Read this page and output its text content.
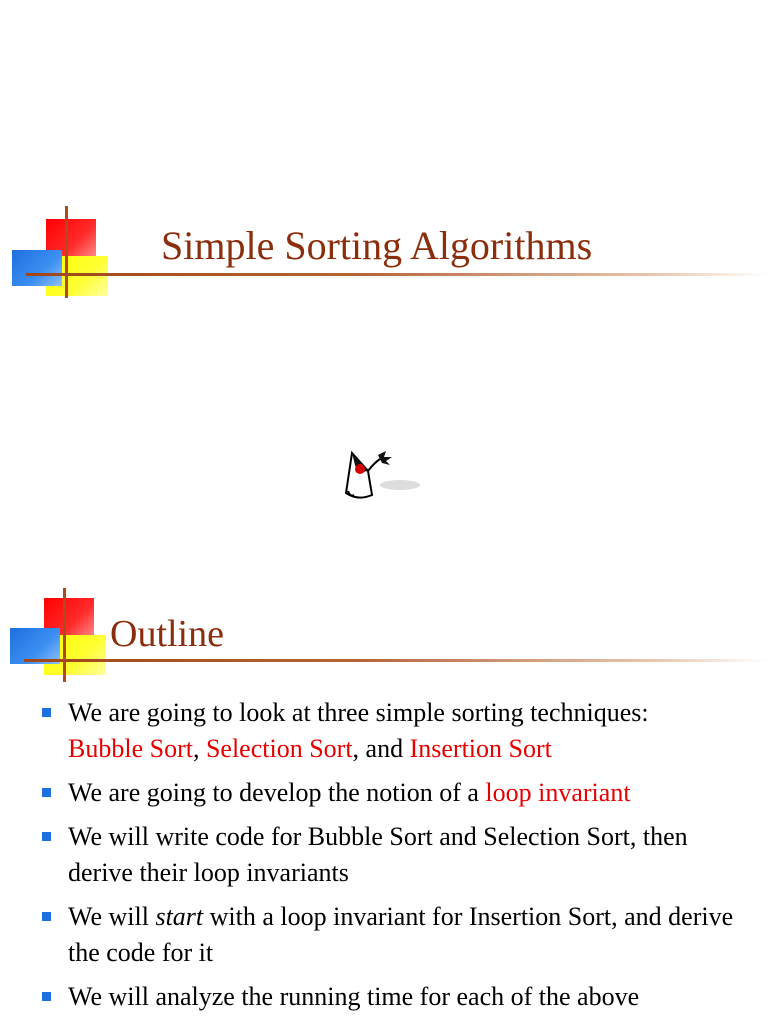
Simple Sorting Algorithms
Outline
We are going to look at three simple sorting techniques:
Bubble Sort, Selection Sort, and Insertion Sort
We are going to develop the notion of a loop invariant
We will write code for Bubble Sort and Selection Sort, then derive their loop invariants
We will start with a loop invariant for Insertion Sort, and derive the code for it
We will analyze the running time for each of the above
